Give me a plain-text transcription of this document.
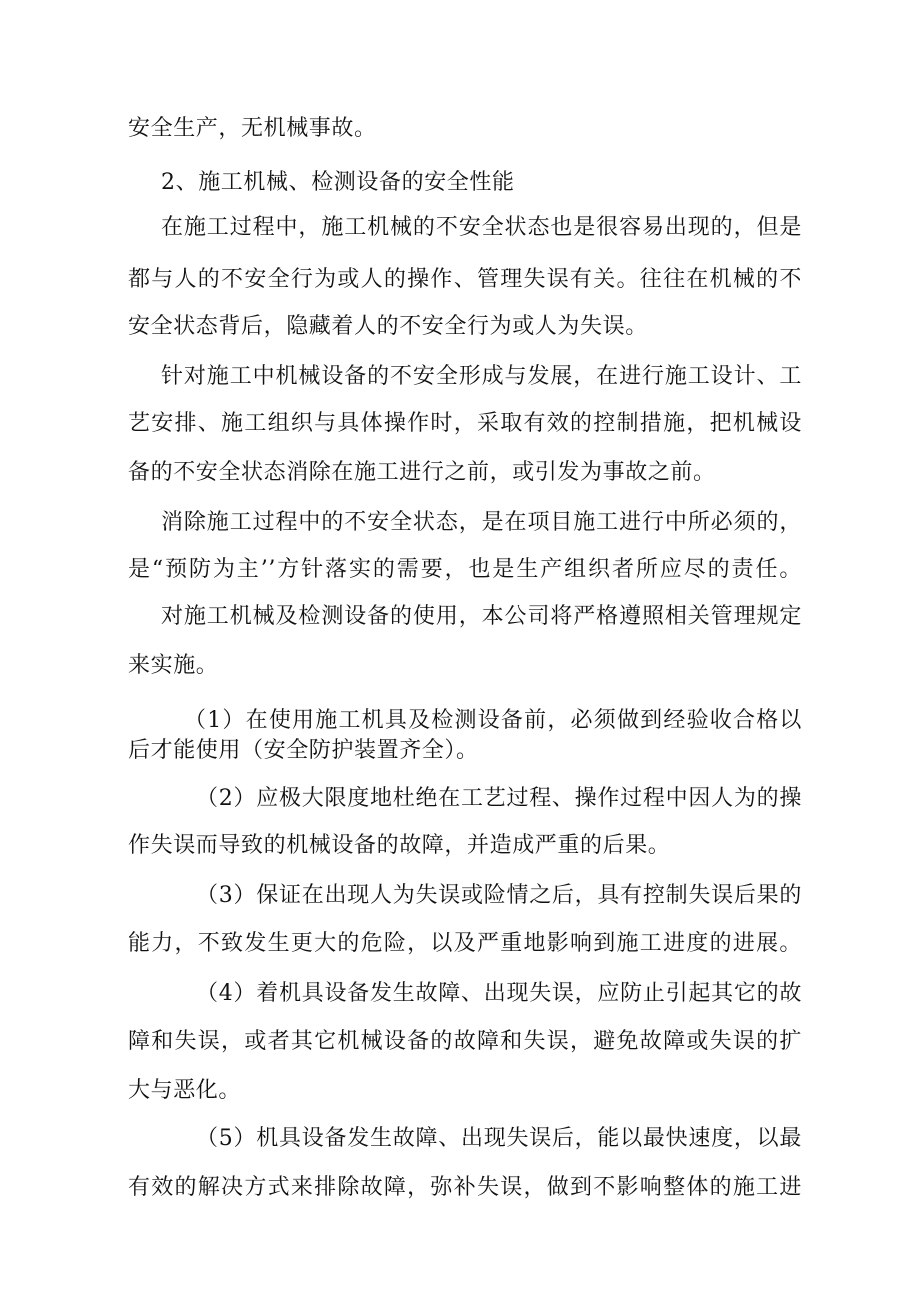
安全生产，无机械事故。
2、施工机械、检测设备的安全性能
在施工过程中，施工机械的不安全状态也是很容易出现的，但是
都与人的不安全行为或人的操作、管理失误有关。往往在机械的不
安全状态背后，隐藏着人的不安全行为或人为失误。
针对施工中机械设备的不安全形成与发展，在进行施工设计、工
艺安排、施工组织与具体操作时，采取有效的控制措施，把机械设
备的不安全状态消除在施工进行之前，或引发为事故之前。
消除施工过程中的不安全状态，是在项目施工进行中所必须的，
是“预防为主’’方针落实的需要，也是生产组织者所应尽的责任。
对施工机械及检测设备的使用，本公司将严格遵照相关管理规定
来实施。
（1）在使用施工机具及检测设备前，必须做到经验收合格以
后才能使用（安全防护装置齐全）。
（2）应极大限度地杜绝在工艺过程、操作过程中因人为的操
作失误而导致的机械设备的故障，并造成严重的后果。
（3）保证在出现人为失误或险情之后，具有控制失误后果的
能力，不致发生更大的危险，以及严重地影响到施工进度的进展。
（4）着机具设备发生故障、出现失误，应防止引起其它的故
障和失误，或者其它机械设备的故障和失误，避免故障或失误的扩
大与恶化。
（5）机具设备发生故障、出现失误后，能以最快速度，以最
有效的解决方式来排除故障，弥补失误，做到不影响整体的施工进
